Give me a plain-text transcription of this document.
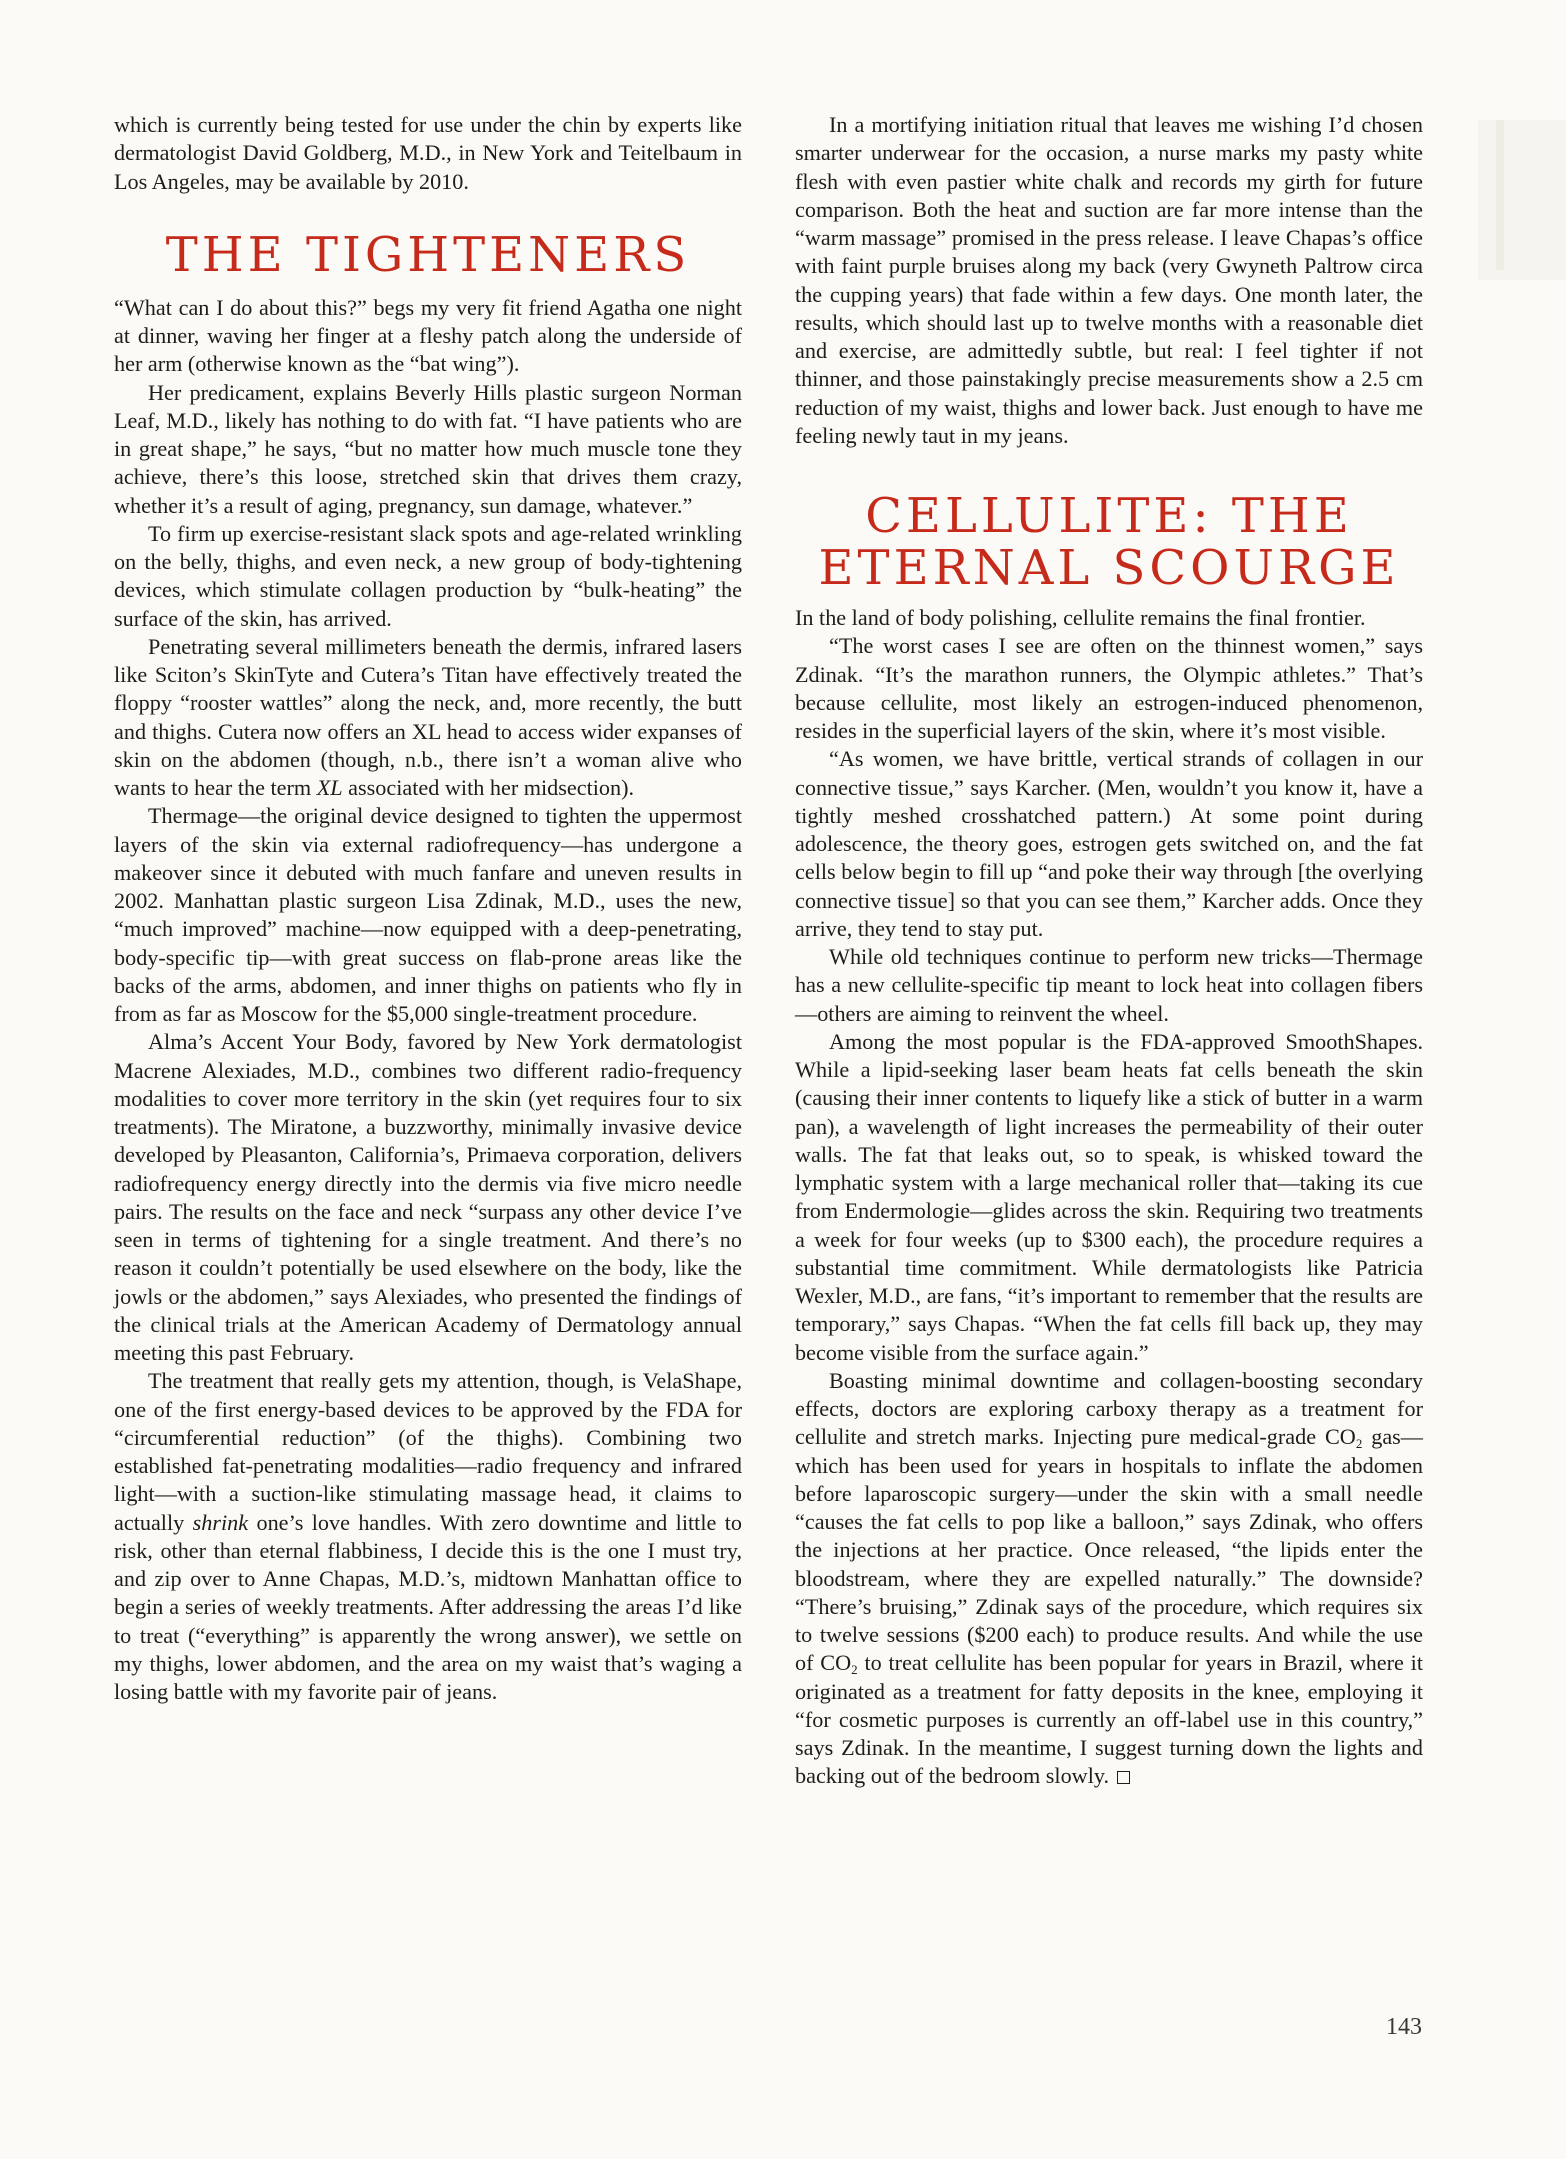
which is currently being tested for use under the chin by experts like dermatologist David Goldberg, M.D., in New York and Teitelbaum in Los Angeles, may be available by 2010.

THE TIGHTENERS

“What can I do about this?” begs my very fit friend Agatha one night at dinner, waving her finger at a fleshy patch along the underside of her arm (otherwise known as the “bat wing”).

Her predicament, explains Beverly Hills plastic surgeon Norman Leaf, M.D., likely has nothing to do with fat. “I have patients who are in great shape,” he says, “but no matter how much muscle tone they achieve, there’s this loose, stretched skin that drives them crazy, whether it’s a result of aging, pregnancy, sun damage, whatever.”

To firm up exercise-resistant slack spots and age-related wrinkling on the belly, thighs, and even neck, a new group of body-tightening devices, which stimulate collagen production by “bulk-heating” the surface of the skin, has arrived.

Penetrating several millimeters beneath the dermis, infrared lasers like Sciton’s SkinTyte and Cutera’s Titan have effectively treated the floppy “rooster wattles” along the neck, and, more recently, the butt and thighs. Cutera now offers an XL head to access wider expanses of skin on the abdomen (though, n.b., there isn’t a woman alive who wants to hear the term XL associated with her midsection).

Thermage—the original device designed to tighten the uppermost layers of the skin via external radiofrequency—has undergone a makeover since it debuted with much fanfare and uneven results in 2002. Manhattan plastic surgeon Lisa Zdinak, M.D., uses the new, “much improved” machine—now equipped with a deep-penetrating, body-specific tip—with great success on flab-prone areas like the backs of the arms, abdomen, and inner thighs on patients who fly in from as far as Moscow for the $5,000 single-treatment procedure.

Alma’s Accent Your Body, favored by New York dermatologist Macrene Alexiades, M.D., combines two different radio-frequency modalities to cover more territory in the skin (yet requires four to six treatments). The Miratone, a buzzworthy, minimally invasive device developed by Pleasanton, California’s, Primaeva corporation, delivers radiofrequency energy directly into the dermis via five micro needle pairs. The results on the face and neck “surpass any other device I’ve seen in terms of tightening for a single treatment. And there’s no reason it couldn’t potentially be used elsewhere on the body, like the jowls or the abdomen,” says Alexiades, who presented the findings of the clinical trials at the American Academy of Dermatology annual meeting this past February.

The treatment that really gets my attention, though, is VelaShape, one of the first energy-based devices to be approved by the FDA for “circumferential reduction” (of the thighs). Combining two established fat-penetrating modalities—radio frequency and infrared light—with a suction-like stimulating massage head, it claims to actually shrink one’s love handles. With zero downtime and little to risk, other than eternal flabbiness, I decide this is the one I must try, and zip over to Anne Chapas, M.D.’s, midtown Manhattan office to begin a series of weekly treatments. After addressing the areas I’d like to treat (“everything” is apparently the wrong answer), we settle on my thighs, lower abdomen, and the area on my waist that’s waging a losing battle with my favorite pair of jeans.

In a mortifying initiation ritual that leaves me wishing I’d chosen smarter underwear for the occasion, a nurse marks my pasty white flesh with even pastier white chalk and records my girth for future comparison. Both the heat and suction are far more intense than the “warm massage” promised in the press release. I leave Chapas’s office with faint purple bruises along my back (very Gwyneth Paltrow circa the cupping years) that fade within a few days. One month later, the results, which should last up to twelve months with a reasonable diet and exercise, are admittedly subtle, but real: I feel tighter if not thinner, and those painstakingly precise measurements show a 2.5 cm reduction of my waist, thighs and lower back. Just enough to have me feeling newly taut in my jeans.

CELLULITE: THE
ETERNAL SCOURGE

In the land of body polishing, cellulite remains the final frontier.

“The worst cases I see are often on the thinnest women,” says Zdinak. “It’s the marathon runners, the Olympic athletes.” That’s because cellulite, most likely an estrogen-induced phenomenon, resides in the superficial layers of the skin, where it’s most visible.

“As women, we have brittle, vertical strands of collagen in our connective tissue,” says Karcher. (Men, wouldn’t you know it, have a tightly meshed crosshatched pattern.) At some point during adolescence, the theory goes, estrogen gets switched on, and the fat cells below begin to fill up “and poke their way through [the overlying connective tissue] so that you can see them,” Karcher adds. Once they arrive, they tend to stay put.

While old techniques continue to perform new tricks—Thermage has a new cellulite-specific tip meant to lock heat into collagen fibers—others are aiming to reinvent the wheel.

Among the most popular is the FDA-approved SmoothShapes. While a lipid-seeking laser beam heats fat cells beneath the skin (causing their inner contents to liquefy like a stick of butter in a warm pan), a wavelength of light increases the permeability of their outer walls. The fat that leaks out, so to speak, is whisked toward the lymphatic system with a large mechanical roller that—taking its cue from Endermologie—glides across the skin. Requiring two treatments a week for four weeks (up to $300 each), the procedure requires a substantial time commitment. While dermatologists like Patricia Wexler, M.D., are fans, “it’s important to remember that the results are temporary,” says Chapas. “When the fat cells fill back up, they may become visible from the surface again.”

Boasting minimal downtime and collagen-boosting secondary effects, doctors are exploring carboxy therapy as a treatment for cellulite and stretch marks. Injecting pure medical-grade $CO_2$ gas—which has been used for years in hospitals to inflate the abdomen before laparoscopic surgery—under the skin with a small needle “causes the fat cells to pop like a balloon,” says Zdinak, who offers the injections at her practice. Once released, “the lipids enter the bloodstream, where they are expelled naturally.” The downside? “There’s bruising,” Zdinak says of the procedure, which requires six to twelve sessions ($200 each) to produce results. And while the use of $CO_2$ to treat cellulite has been popular for years in Brazil, where it originated as a treatment for fatty deposits in the knee, employing it “for cosmetic purposes is currently an off-label use in this country,” says Zdinak. In the meantime, I suggest turning down the lights and backing out of the bedroom slowly.

143
